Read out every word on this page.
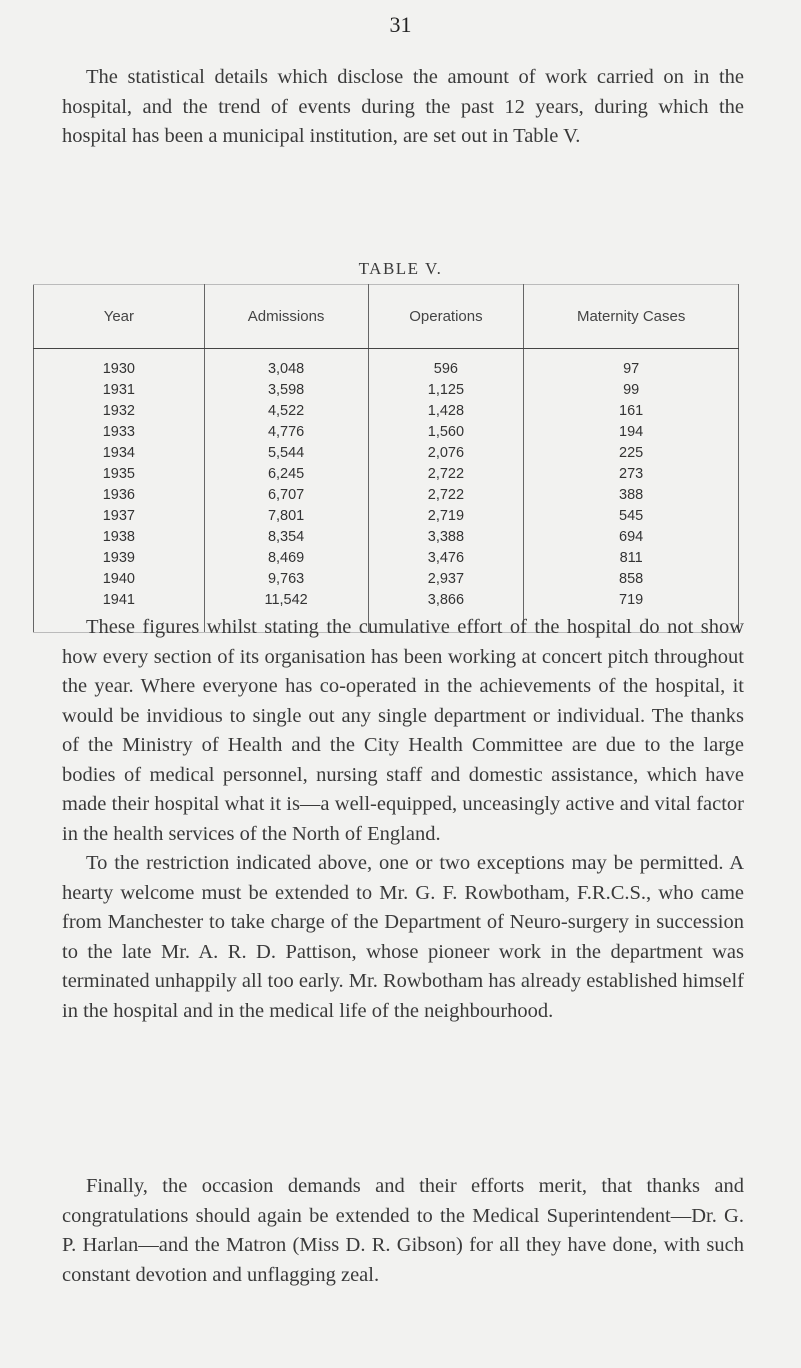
31

The statistical details which disclose the amount of work carried on in the hospital, and the trend of events during the past 12 years, during which the hospital has been a municipal institution, are set out in Table V.

TABLE V.
Year	Admissions	Operations	Maternity Cases
1930	3,048	596	97
1931	3,598	1,125	99
1932	4,522	1,428	161
1933	4,776	1,560	194
1934	5,544	2,076	225
1935	6,245	2,722	273
1936	6,707	2,722	388
1937	7,801	2,719	545
1938	8,354	3,388	694
1939	8,469	3,476	811
1940	9,763	2,937	858
1941	11,542	3,866	719

These figures whilst stating the cumulative effort of the hospital do not show how every section of its organisation has been working at concert pitch throughout the year. Where everyone has co-operated in the achievements of the hospital, it would be invidious to single out any single department or individual. The thanks of the Ministry of Health and the City Health Committee are due to the large bodies of medical personnel, nursing staff and domestic assistance, which have made their hospital what it is—a well-equipped, unceasingly active and vital factor in the health services of the North of England.

To the restriction indicated above, one or two exceptions may be permitted. A hearty welcome must be extended to Mr. G. F. Rowbotham, F.R.C.S., who came from Manchester to take charge of the Department of Neuro-surgery in succession to the late Mr. A. R. D. Pattison, whose pioneer work in the department was terminated unhappily all too early. Mr. Rowbotham has already established himself in the hospital and in the medical life of the neighbourhood.

Finally, the occasion demands and their efforts merit, that thanks and congratulations should again be extended to the Medical Superintendent—Dr. G. P. Harlan—and the Matron (Miss D. R. Gibson) for all they have done, with such constant devotion and unflagging zeal.
